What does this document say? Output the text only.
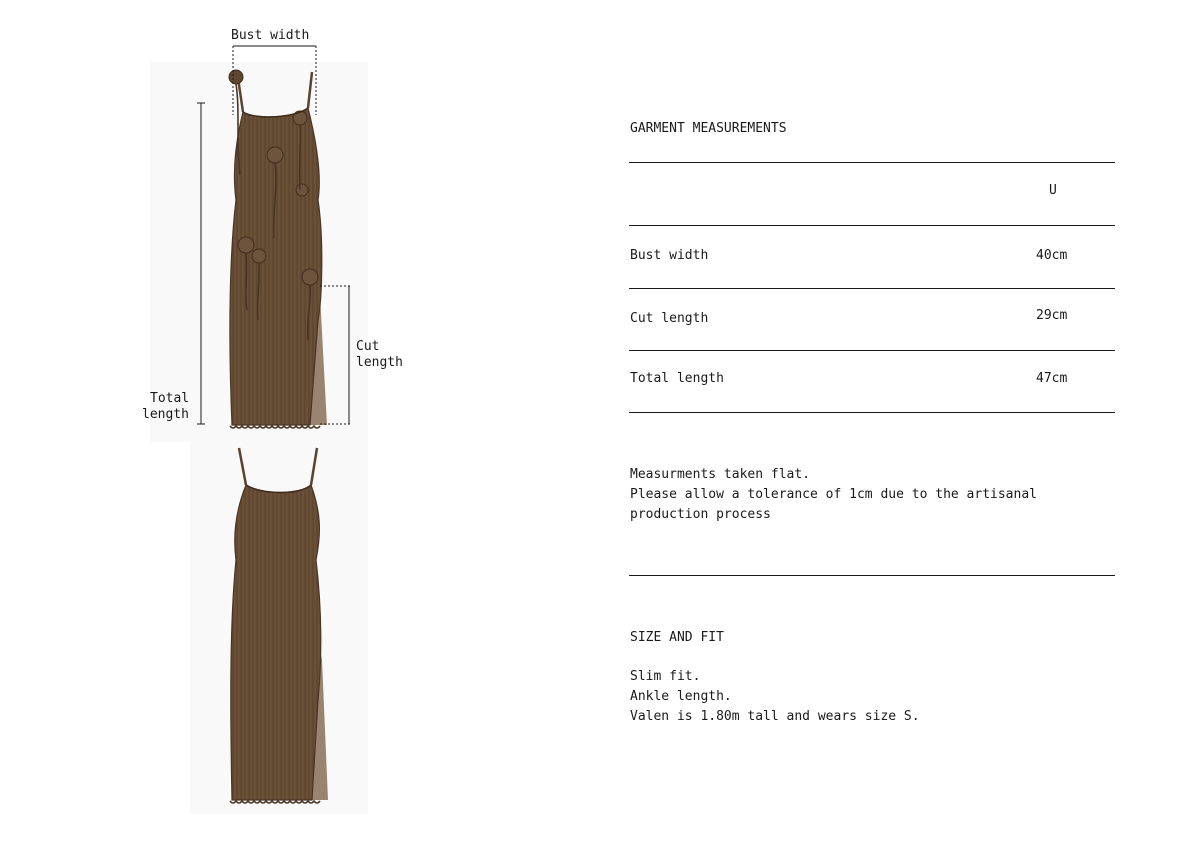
Bust width
Cut
length
Total
length
GARMENT MEASUREMENTS
U
Bust width	40cm
Cut length	29cm
Total length	47cm
Measurments taken flat.
Please allow a tolerance of 1cm due to the artisanal
production process
SIZE AND FIT
Slim fit.
Ankle length.
Valen is 1.80m tall and wears size S.
